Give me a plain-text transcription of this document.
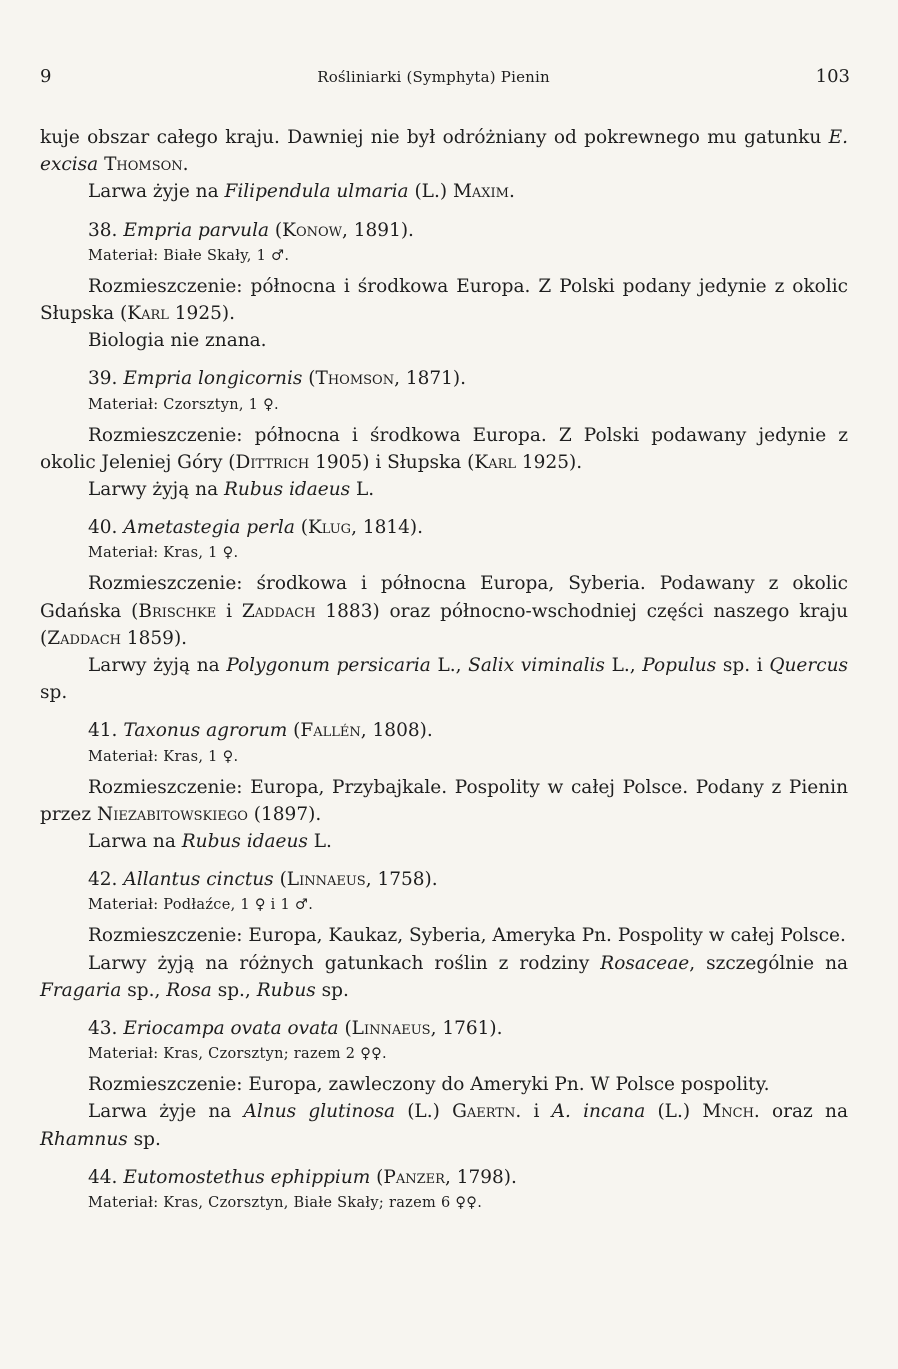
9	Rośliniarki (Symphyta) Pienin	103

kuje obszar całego kraju. Dawniej nie był odróżniany od pokrewnego mu gatunku E. excisa Thomson.

Larwa żyje na Filipendula ulmaria (L.) Maxim.

38. Empria parvula (Konow, 1891).

Materiał: Białe Skały, 1 ♂.

Rozmieszczenie: północna i środkowa Europa. Z Polski podany jedynie z okolic Słupska (Karl 1925).

Biologia nie znana.

39. Empria longicornis (Thomson, 1871).

Materiał: Czorsztyn, 1 ♀.

Rozmieszczenie: północna i środkowa Europa. Z Polski podawany jedynie z okolic Jeleniej Góry (Dittrich 1905) i Słupska (Karl 1925).

Larwy żyją na Rubus idaeus L.

40. Ametastegia perla (Klug, 1814).

Materiał: Kras, 1 ♀.

Rozmieszczenie: środkowa i północna Europa, Syberia. Podawany z okolic Gdańska (Brischke i Zaddach 1883) oraz północno-wschodniej części naszego kraju (Zaddach 1859).

Larwy żyją na Polygonum persicaria L., Salix viminalis L., Populus sp. i Quercus sp.

41. Taxonus agrorum (Fallén, 1808).

Materiał: Kras, 1 ♀.

Rozmieszczenie: Europa, Przybajkale. Pospolity w całej Polsce. Podany z Pienin przez Niezabitowskiego (1897).

Larwa na Rubus idaeus L.

42. Allantus cinctus (Linnaeus, 1758).

Materiał: Podłaźce, 1 ♀ i 1 ♂.

Rozmieszczenie: Europa, Kaukaz, Syberia, Ameryka Pn. Pospolity w całej Polsce.

Larwy żyją na różnych gatunkach roślin z rodziny Rosaceae, szczególnie na Fragaria sp., Rosa sp., Rubus sp.

43. Eriocampa ovata ovata (Linnaeus, 1761).

Materiał: Kras, Czorsztyn; razem 2 ♀♀.

Rozmieszczenie: Europa, zawleczony do Ameryki Pn. W Polsce pospolity.

Larwa żyje na Alnus glutinosa (L.) Gaertn. i A. incana (L.) Mnch. oraz na Rhamnus sp.

44. Eutomostethus ephippium (Panzer, 1798).

Materiał: Kras, Czorsztyn, Białe Skały; razem 6 ♀♀.
